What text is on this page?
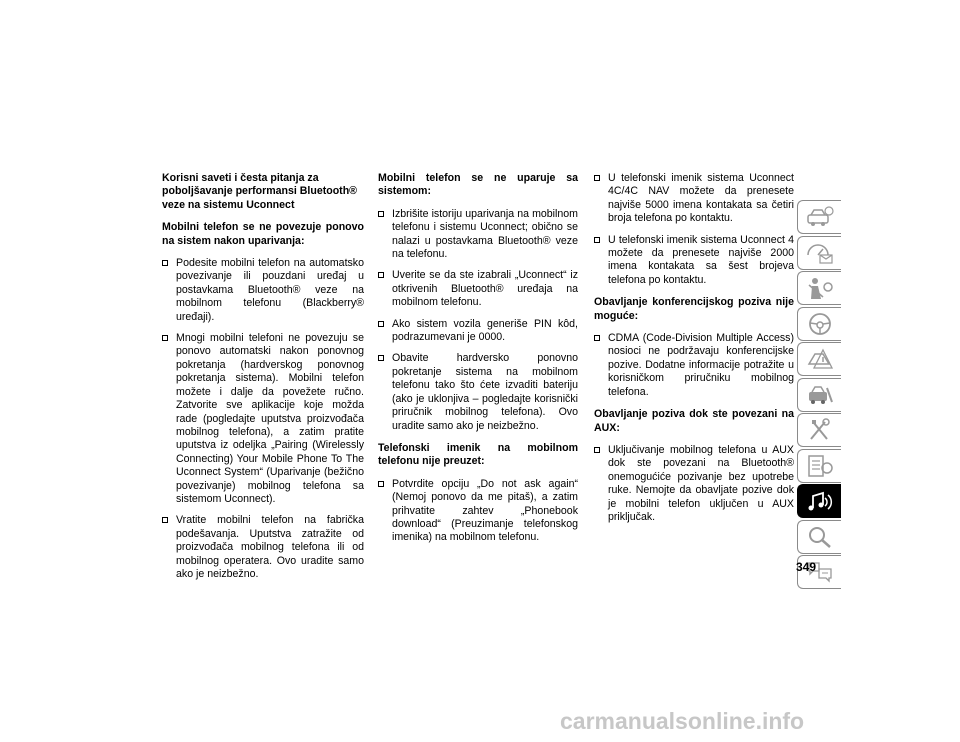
Korisni saveti i česta pitanja za
poboljšavanje performansi Bluetooth®
veze na sistemu Uconnect

Mobilni telefon se ne povezuje ponovo na sistem nakon uparivanja:

Podesite mobilni telefon na automatsko povezivanje ili pouzdani uređaj u postavkama Bluetooth® veze na mobilnom telefonu (Blackberry® uređaji).
Mnogi mobilni telefoni ne povezuju se ponovo automatski nakon ponovnog pokretanja (hardverskog ponovnog pokretanja sistema). Mobilni telefon možete i dalje da povežete ručno. Zatvorite sve aplikacije koje možda rade (pogledajte uputstva proizvođača mobilnog telefona), a zatim pratite uputstva iz odeljka „Pairing (Wirelessly Connecting) Your Mobile Phone To The Uconnect System“ (Uparivanje (bežično povezivanje) mobilnog telefona sa sistemom Uconnect).
Vratite mobilni telefon na fabrička podešavanja. Uputstva zatražite od proizvođača mobilnog telefona ili od mobilnog operatera. Ovo uradite samo ako je neizbežno.

Mobilni telefon se ne uparuje sa sistemom:

Izbrišite istoriju uparivanja na mobilnom telefonu i sistemu Uconnect; obično se nalazi u postavkama Bluetooth® veze na telefonu.
Uverite se da ste izabrali „Uconnect“ iz otkrivenih Bluetooth® uređaja na mobilnom telefonu.
Ako sistem vozila generiše PIN kôd, podrazumevani je 0000.
Obavite hardversko ponovno pokretanje sistema na mobilnom telefonu tako što ćete izvaditi bateriju (ako je uklonjiva – pogledajte korisnički priručnik mobilnog telefona). Ovo uradite samo ako je neizbežno.

Telefonski imenik na mobilnom telefonu nije preuzet:

Potvrdite opciju „Do not ask again“ (Nemoj ponovo da me pitaš), a zatim prihvatite zahtev „Phonebook download“ (Preuzimanje telefonskog imenika) na mobilnom telefonu.
U telefonski imenik sistema Uconnect 4C/4C NAV možete da prenesete najviše 5000 imena kontakata sa četiri broja telefona po kontaktu.
U telefonski imenik sistema Uconnect 4 možete da prenesete najviše 2000 imena kontakata sa šest brojeva telefona po kontaktu.

Obavljanje konferencijskog poziva nije moguće:

CDMA (Code-Division Multiple Access) nosioci ne podržavaju konferencijske pozive. Dodatne informacije potražite u korisničkom priručniku mobilnog telefona.

Obavljanje poziva dok ste povezani na AUX:

Uključivanje mobilnog telefona u AUX dok ste povezani na Bluetooth® onemogućiće pozivanje bez upotrebe ruke. Nemojte da obavljate pozive dok je mobilni telefon uključen u AUX priključak.
349
carmanualsonline.info
